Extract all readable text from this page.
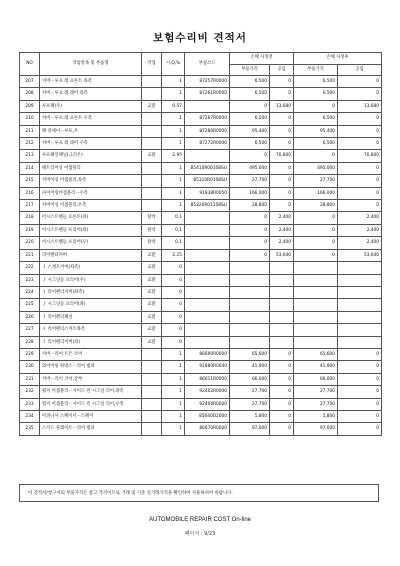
보험수리비 견적서
NO	작업항목 및 부품명	작업	시,Q,%	부품코드	손해 사정전		손해 사정후	
					부품가격	공임	부품가격	공임
207	커버－루프 레 프론트 좌측		1	87257R0000	6,500	0	6,500	0
208	커버－루프 레 레어 좌측		1	87261R0000	6,500	0	6,500	0
209	루프패(우)	교환	0.57		0	13,680	0	13,680
210	커버－루프 레 프론트 우측		1	87267R0000	6,500	0	6,500	0
211	팩 앗세이－루프,우		1	87280R0000	95,400	0	95,400	0
212	커버－루프 레 레어 우측		1	87272R0000	6,500	0	6,500	0
213	루프헤일패널(크리우)	교환	2.95		0	70,800	0	70,800
214	패트리어싱 어셈블리		1	85410R0010BSU	495,000	0	495,000	0
215	커버어싱 어셈블리,좌측		1	85310R010BSU	27,700	0	27,700	0
216	파이어링어셈블리－우측		1	91838R0050	166,000	0	166,000	0
217	커버어싱 어셈블리,우측		1	85320R0110BSU	28,800	0	28,800	0
218	어시스트핸들 프론트(좌)	탈착	0.1		0	2,400	0	2,400
219	어시스트핸들 프리어(좌)	탈착	0.1		0	2,400	0	2,400
220	어시스트핸들 프리어(우)	탈착	0.1		0	2,400	0	2,400
221	리어펜더커버	교환	2.25		0	53,040	0	53,040
222	Ｉ 스케트커버(좌측)	교환	0					
223	Ｉ 시그널등 프리어(우)	교환	0					
224	Ｉ 리어펜더커버(좌측)	교환	0					
225	Ｉ 시그널등 프리어(좌)	교환	0					
226	Ｉ 리어펜더패널	교환	0					
227	Ｉ 리어펜더스커트좌측	교환	0					
228	Ｉ 리어펜더커버(좌)	교환	0					
229	커버－리어 트픈 코어		1	86690R0000	65,600	0	65,600	0
230	와이어링 하네스－리어 범퍼		1	91880R0040	41,900	0	41,900	0
231	커버－리어 코어,상부		1	86611R0000	66,000	0	66,000	0
232	휠커 어셈블리－사이드 런 시그널 리어,좌측		1	92402R0000	27,700	0	27,700	0
233	휠커 어셈블리－사이드 런 시그널 리어,우측		1	92406R0000	27,700	0	27,700	0
234	어퍼나사 스페이서－스페어		1	85640D2000	5,800	0	5,800	0
235	스키드 플레이트－리어 범퍼		1	86670R0000	97,000	0	97,000	0
이 견적서/청구서의 부품가격은 참고 가격이므로 거래 및 기준 실거래가격을 확인하여 사용하셔야 바랍니다.
AUTOMOBILE REPAIR COST On-line
페이지 : 9/23
